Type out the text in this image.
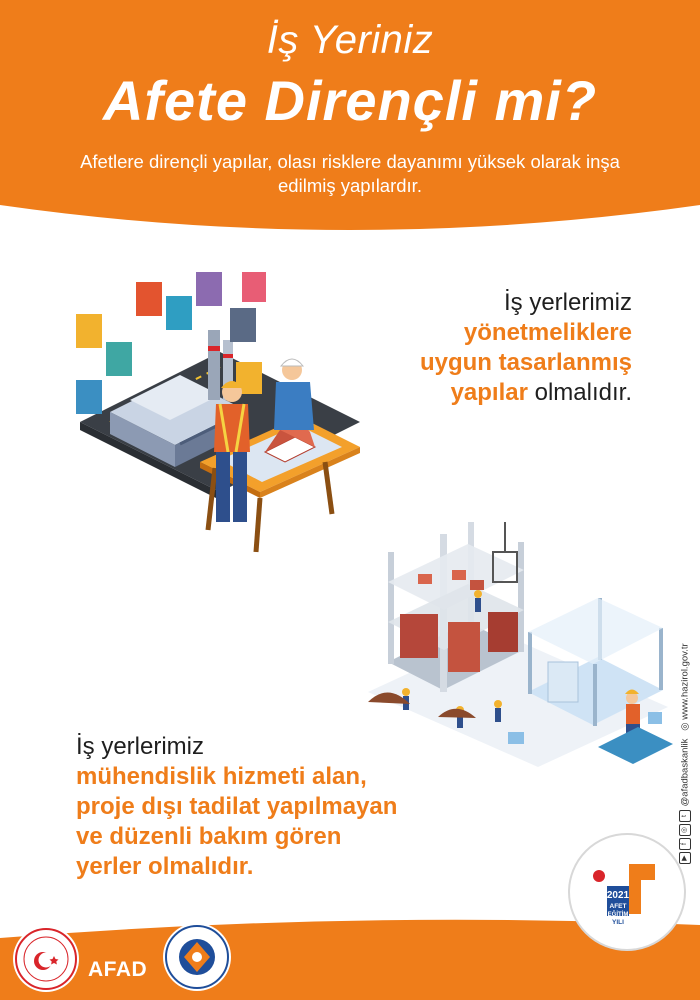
İş Yeriniz
Afete Dirençli mi?
Afetlere dirençli yapılar, olası risklere dayanımı yüksek olarak inşa edilmiş yapılardır.
İş yerlerimiz
yönetmeliklere
uygun tasarlanmış
yapılar olmalıdır.
İş yerlerimiz
mühendislik hizmeti alan,
proje dışı tadilat yapılmayan
ve düzenli bakım gören
yerler olmalıdır.	▶f◎t @afadbaskanlik   ◎ www.hazirol.gov.tr
AFAD
2021
AFET
EĞİTİM
YILI
